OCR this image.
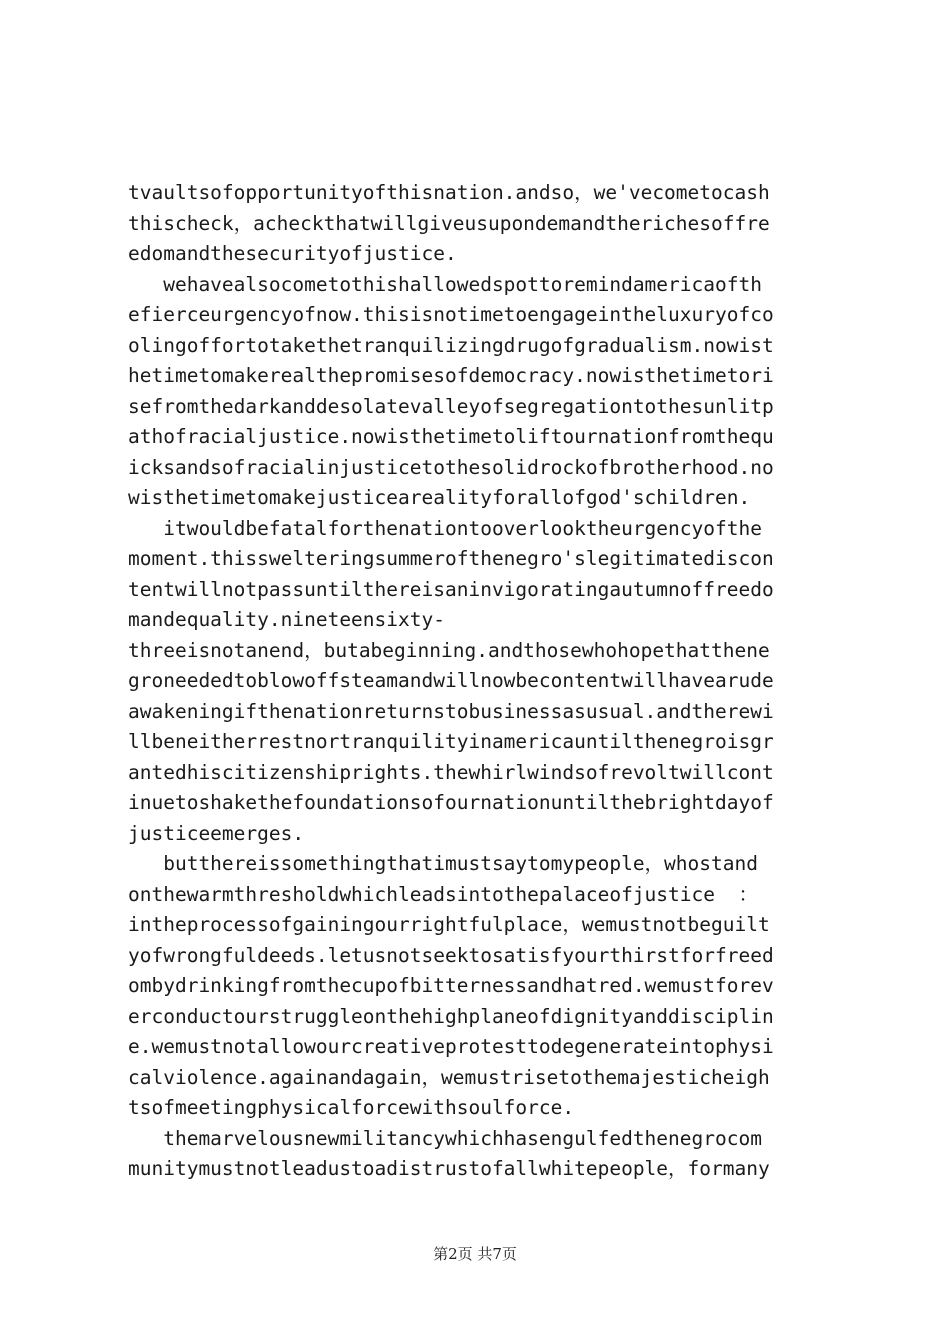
tvaultsofopportunityofthisnation.andso，we'vecometocash
thischeck，acheckthatwillgiveusupondemandtherichesoffre
edomandthesecurityofjustice.
wehavealsocometothishallowedspottoremindamericaofth
efierceurgencyofnow.thisisnotimetoengageintheluxuryofco
olingoffortotakethetranquilizingdrugofgradualism.nowist
hetimetomakerealthepromisesofdemocracy.nowisthetimetori
sefromthedarkanddesolatevalleyofsegregationtothesunlitp
athofracialjustice.nowisthetimetoliftournationfromthequ
icksandsofracialinjusticetothesolidrockofbrotherhood.no
wisthetimetomakejusticearealityforallofgod'schildren.
itwouldbefatalforthenationtooverlooktheurgencyofthe
moment.thisswelteringsummerofthenegro'slegitimatediscon
tentwillnotpassuntilthereisaninvigoratingautumnoffreedo
mandequality.nineteensixty-
threeisnotanend，butabeginning.andthosewhohopethatthene
groneededtoblowoffsteamandwillnowbecontentwillhavearude
awakeningifthenationreturnstobusinessasusual.andtherewi
llbeneitherrestnortranquilityinamericauntilthenegroisgr
antedhiscitizenshiprights.thewhirlwindsofrevoltwillcont
inuetoshakethefoundationsofournationuntilthebrightdayof
justiceemerges.
butthereissomethingthatimustsaytomypeople，whostand
onthewarmthresholdwhichleadsintothepalaceofjustice  ：
intheprocessofgainingourrightfulplace，wemustnotbeguilt
yofwrongfuldeeds.letusnotseektosatisfyourthirstforfreed
ombydrinkingfromthecupofbitternessandhatred.wemustforev
erconductourstruggleonthehighplaneofdignityanddisciplin
e.wemustnotallowourcreativeprotesttodegenerateintophysi
calviolence.againandagain，wemustrisetothemajesticheigh
tsofmeetingphysicalforcewithsoulforce.
themarvelousnewmilitancywhichhasengulfedthenegrocom
munitymustnotleadustoadistrustofallwhitepeople，formany
第2页 共7页
